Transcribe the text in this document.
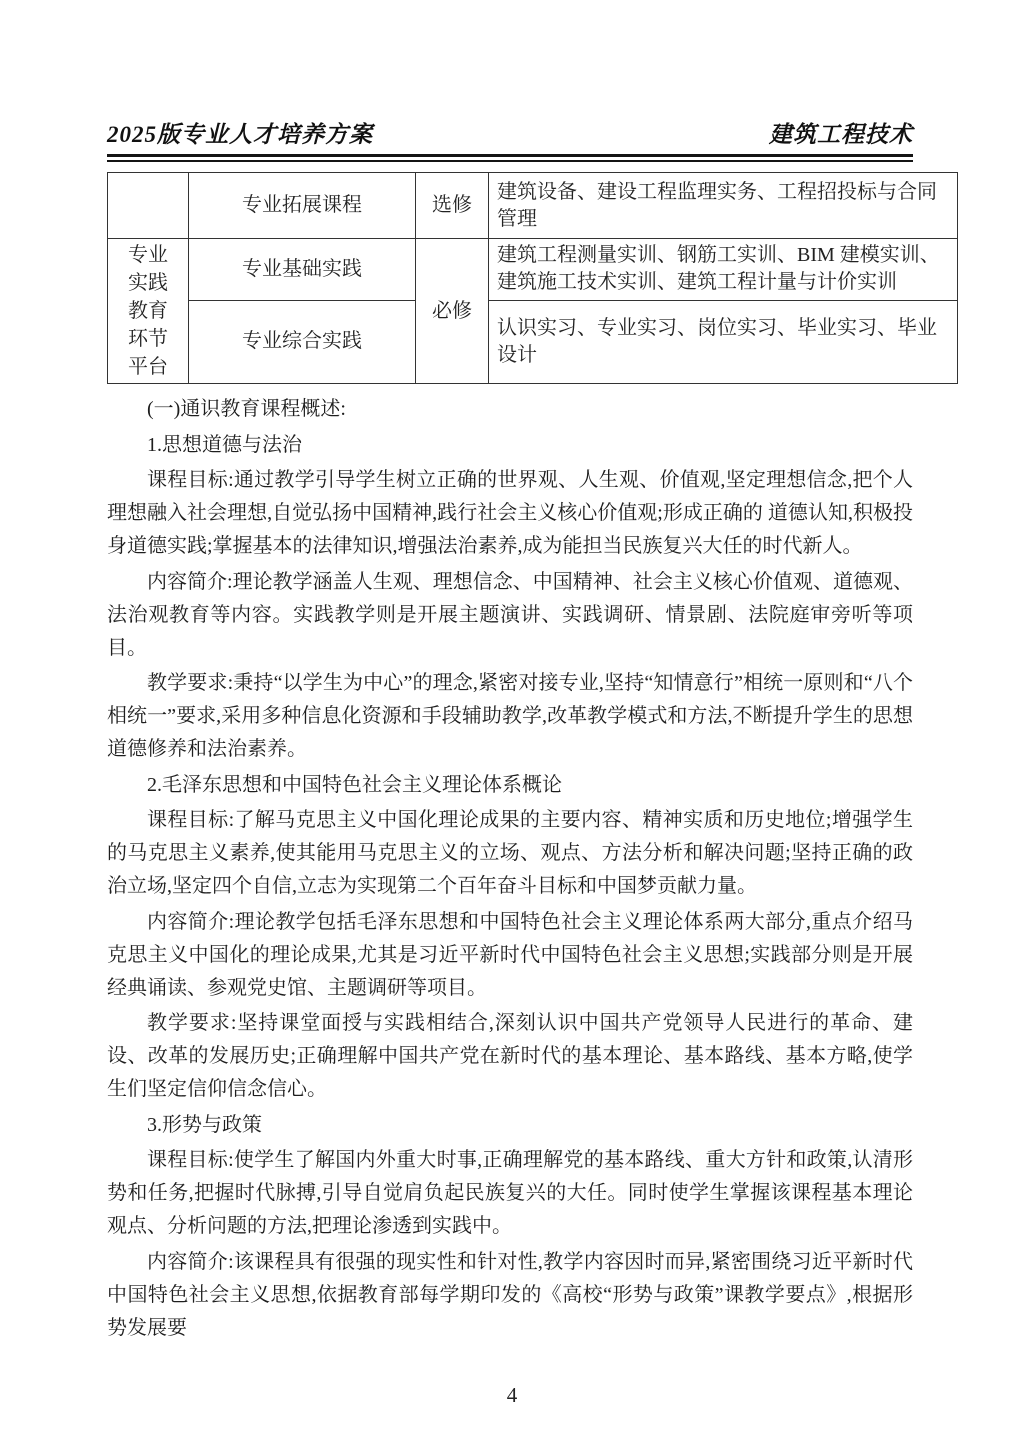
2025版专业人才培养方案	建筑工程技术
	专业拓展课程	选修	建筑设备、建设工程监理实务、工程招投标与合同管理
专业实践教育环节平台	专业基础实践	必修	建筑工程测量实训、钢筋工实训、BIM 建模实训、建筑施工技术实训、建筑工程计量与计价实训
	专业综合实践		认识实习、专业实习、岗位实习、毕业实习、毕业设计

(一)通识教育课程概述:

1.思想道德与法治

课程目标:通过教学引导学生树立正确的世界观、人生观、价值观,坚定理想信念,把个人理想融入社会理想,自觉弘扬中国精神,践行社会主义核心价值观;形成正确的 道德认知,积极投身道德实践;掌握基本的法律知识,增强法治素养,成为能担当民族复兴大任的时代新人。

内容简介:理论教学涵盖人生观、理想信念、中国精神、社会主义核心价值观、道德观、法治观教育等内容。实践教学则是开展主题演讲、实践调研、情景剧、法院庭审旁听等项目。

教学要求:秉持“以学生为中心”的理念,紧密对接专业,坚持“知情意行”相统一原则和“八个相统一”要求,采用多种信息化资源和手段辅助教学,改革教学模式和方法,不断提升学生的思想道德修养和法治素养。

2.毛泽东思想和中国特色社会主义理论体系概论

课程目标:了解马克思主义中国化理论成果的主要内容、精神实质和历史地位;增强学生的马克思主义素养,使其能用马克思主义的立场、观点、方法分析和解决问题;坚持正确的政治立场,坚定四个自信,立志为实现第二个百年奋斗目标和中国梦贡献力量。

内容简介:理论教学包括毛泽东思想和中国特色社会主义理论体系两大部分,重点介绍马克思主义中国化的理论成果,尤其是习近平新时代中国特色社会主义思想;实践部分则是开展经典诵读、参观党史馆、主题调研等项目。

教学要求:坚持课堂面授与实践相结合,深刻认识中国共产党领导人民进行的革命、建设、改革的发展历史;正确理解中国共产党在新时代的基本理论、基本路线、基本方略,使学生们坚定信仰信念信心。

3.形势与政策

课程目标:使学生了解国内外重大时事,正确理解党的基本路线、重大方针和政策,认清形势和任务,把握时代脉搏,引导自觉肩负起民族复兴的大任。同时使学生掌握该课程基本理论观点、分析问题的方法,把理论渗透到实践中。

内容简介:该课程具有很强的现实性和针对性,教学内容因时而异,紧密围绕习近平新时代中国特色社会主义思想,依据教育部每学期印发的《高校“形势与政策”课教学要点》,根据形势发展要

4
